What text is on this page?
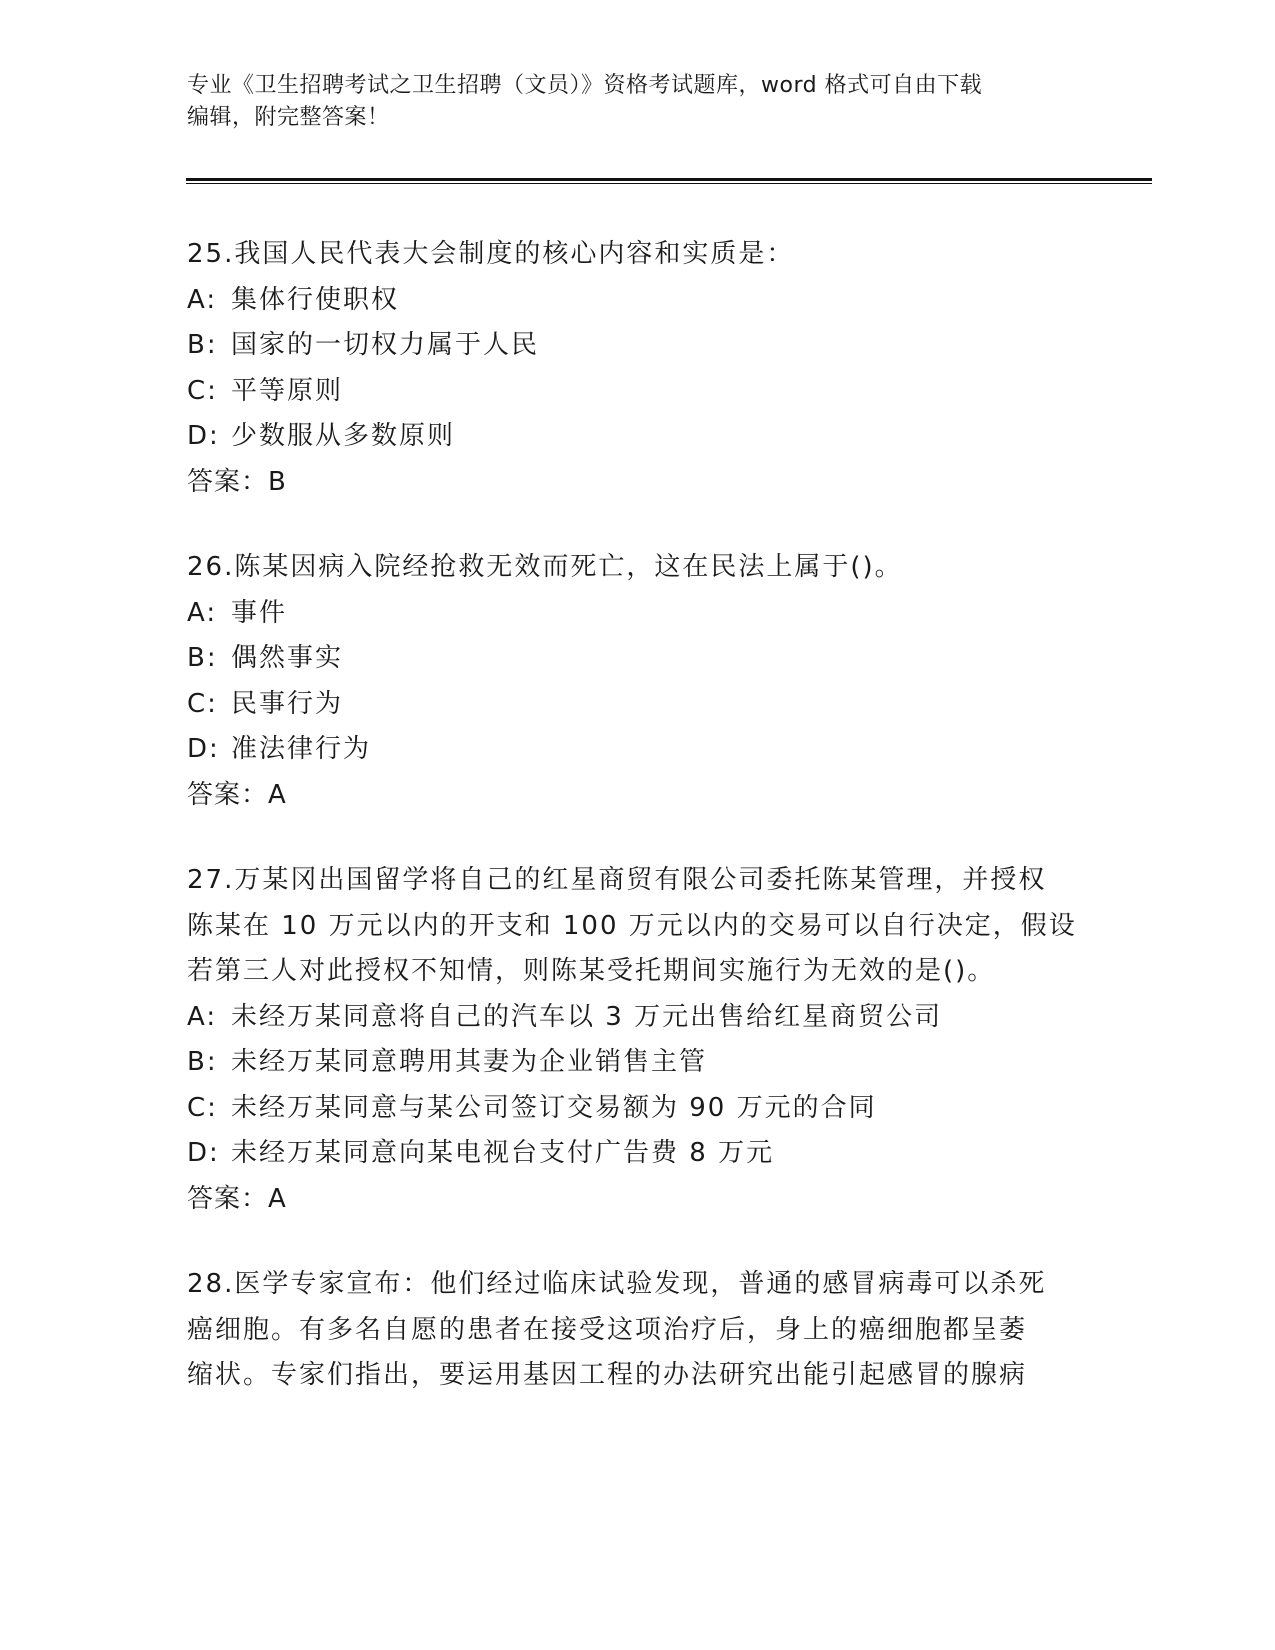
专业《卫生招聘考试之卫生招聘（文员）》资格考试题库，word 格式可自由下载
编辑，附完整答案！
25.我国人民代表大会制度的核心内容和实质是：
A: 集体行使职权
B: 国家的一切权力属于人民
C: 平等原则
D: 少数服从多数原则
答案：B
26.陈某因病入院经抢救无效而死亡，这在民法上属于()。
A: 事件
B: 偶然事实
C: 民事行为
D: 准法律行为
答案：A
27.万某冈出国留学将自己的红星商贸有限公司委托陈某管理，并授权
陈某在 10 万元以内的开支和 100 万元以内的交易可以自行决定，假设
若第三人对此授权不知情，则陈某受托期间实施行为无效的是()。
A: 未经万某同意将自己的汽车以 3 万元出售给红星商贸公司
B: 未经万某同意聘用其妻为企业销售主管
C: 未经万某同意与某公司签订交易额为 90 万元的合同
D: 未经万某同意向某电视台支付广告费 8 万元
答案：A
28.医学专家宣布：他们经过临床试验发现，普通的感冒病毒可以杀死
癌细胞。有多名自愿的患者在接受这项治疗后，身上的癌细胞都呈萎
缩状。专家们指出，要运用基因工程的办法研究出能引起感冒的腺病
